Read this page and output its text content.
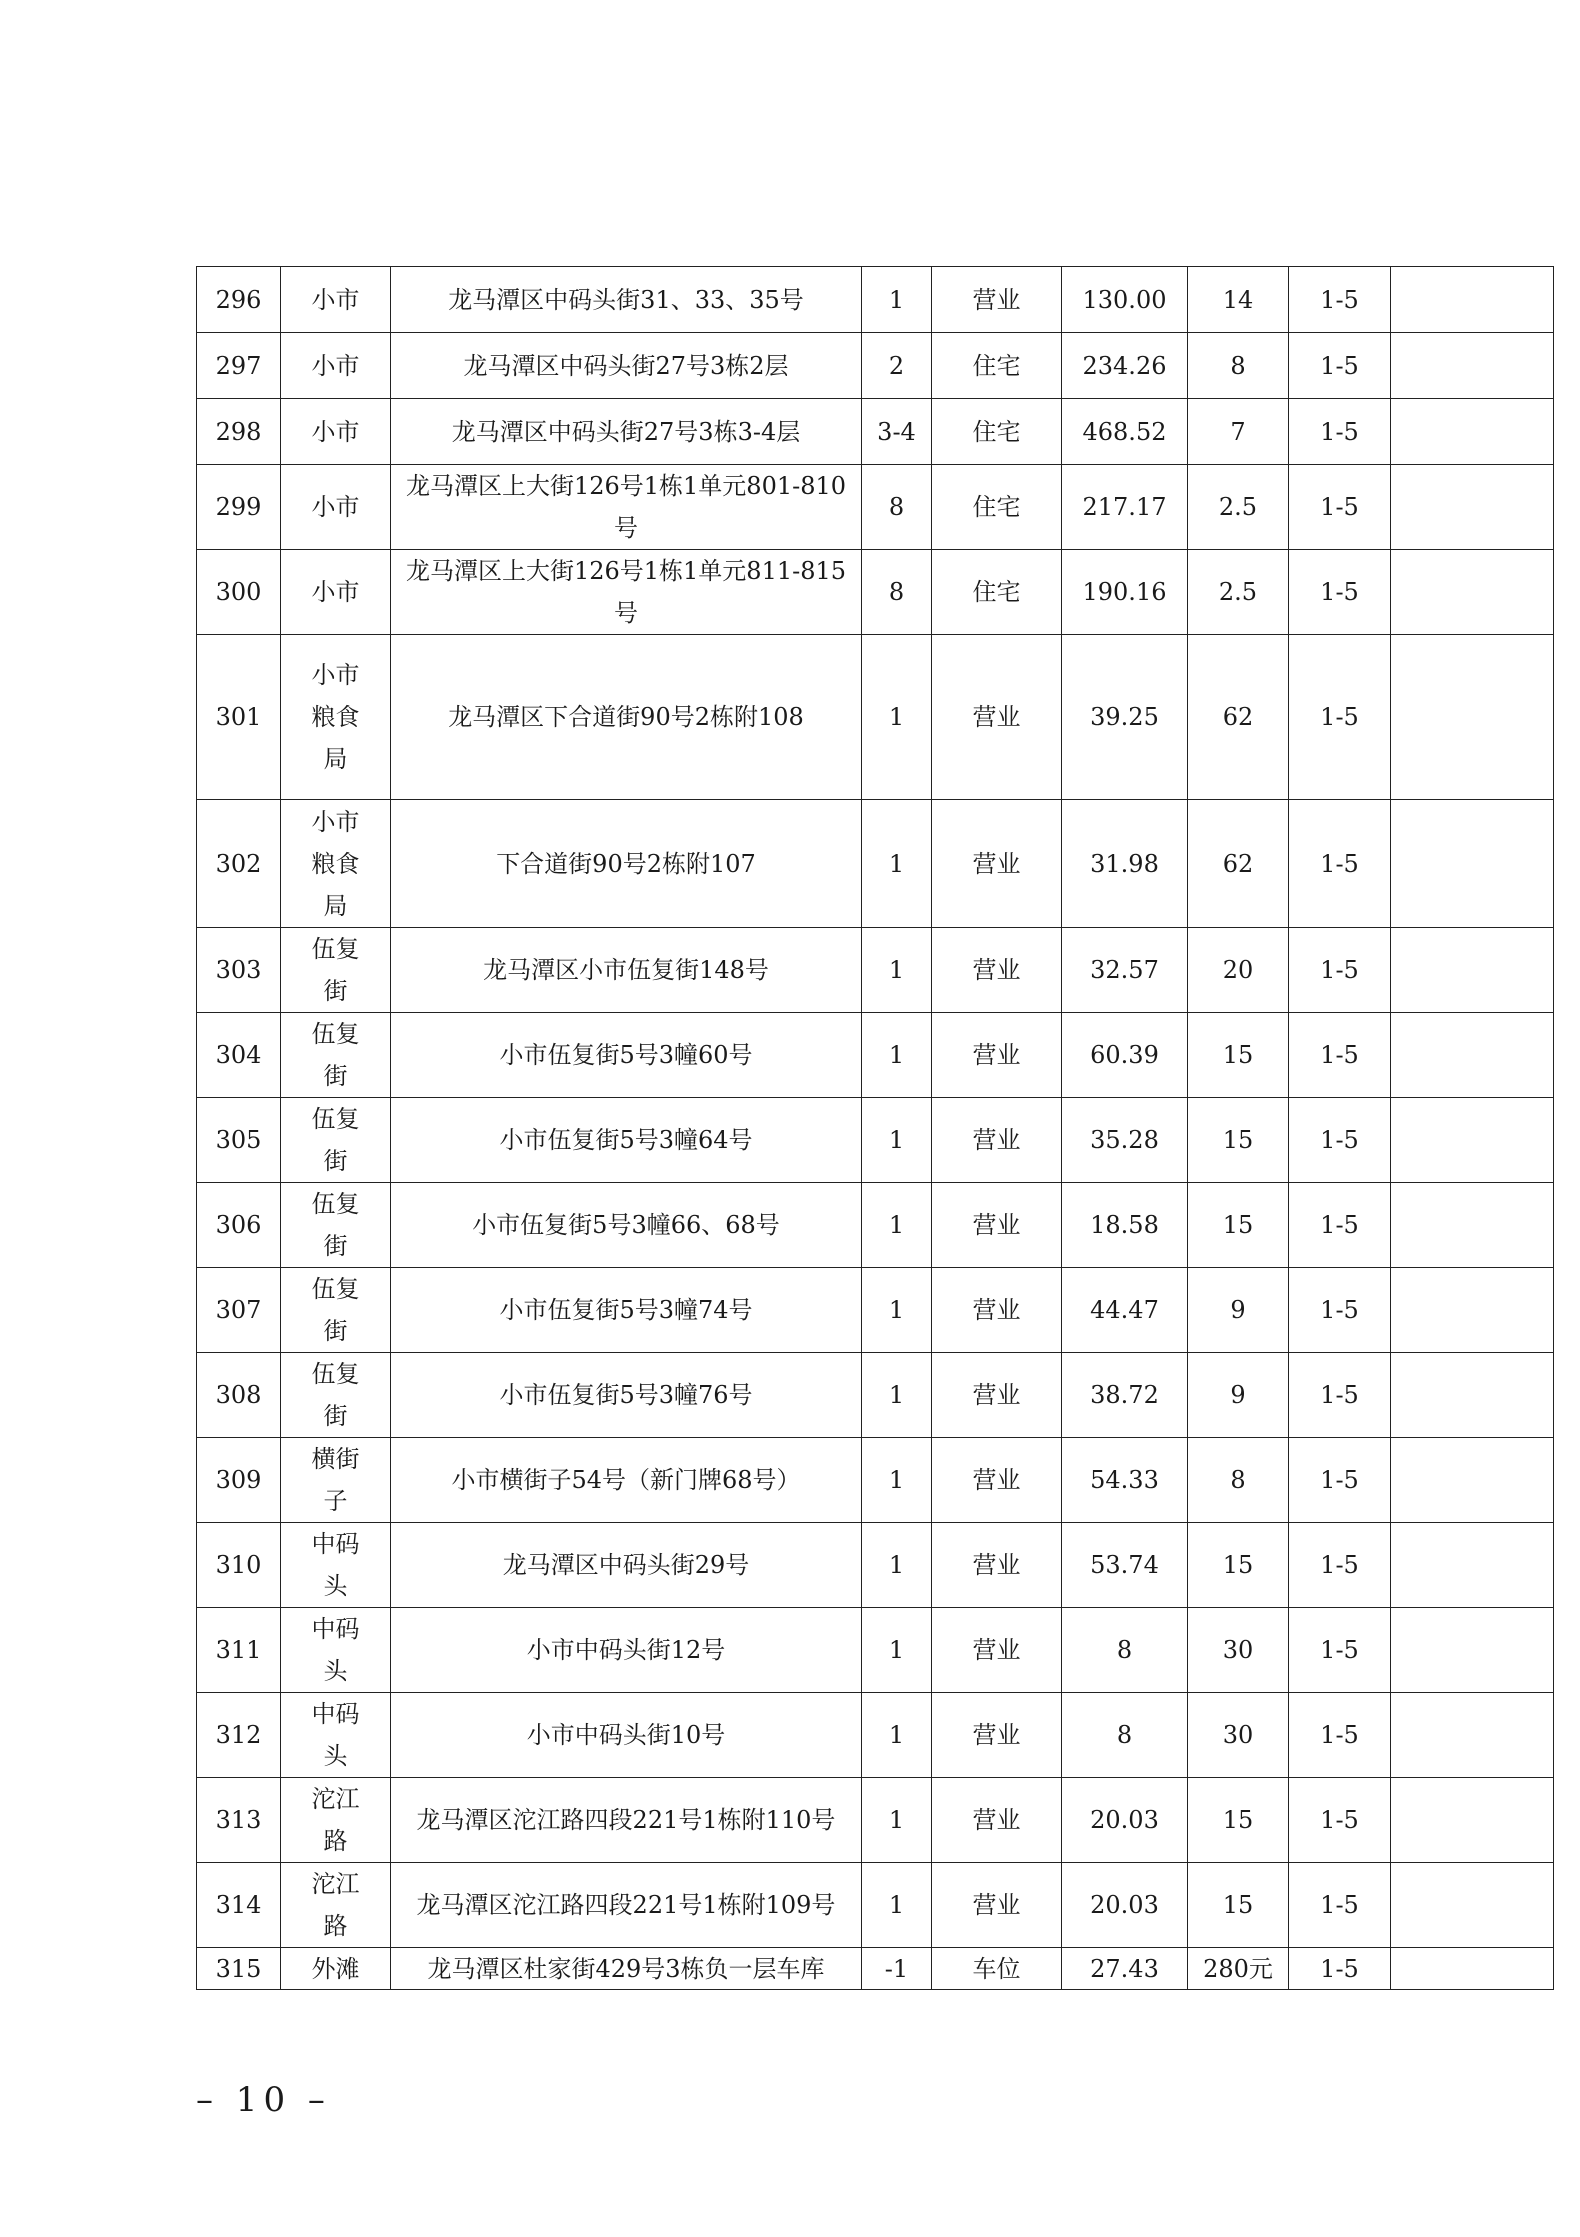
296	小市	龙马潭区中码头街31、33、35号	1	营业	130.00	14	1-5	
297	小市	龙马潭区中码头街27号3栋2层	2	住宅	234.26	8	1-5	
298	小市	龙马潭区中码头街27号3栋3-4层	3-4	住宅	468.52	7	1-5	
299	小市	龙马潭区上大街126号1栋1单元801-810号	8	住宅	217.17	2.5	1-5	
300	小市	龙马潭区上大街126号1栋1单元811-815号	8	住宅	190.16	2.5	1-5	
301	小市粮食局	龙马潭区下合道街90号2栋附108	1	营业	39.25	62	1-5	
302	小市粮食局	下合道街90号2栋附107	1	营业	31.98	62	1-5	
303	伍复街	龙马潭区小市伍复街148号	1	营业	32.57	20	1-5	
304	伍复街	小市伍复街5号3幢60号	1	营业	60.39	15	1-5	
305	伍复街	小市伍复街5号3幢64号	1	营业	35.28	15	1-5	
306	伍复街	小市伍复街5号3幢66、68号	1	营业	18.58	15	1-5	
307	伍复街	小市伍复街5号3幢74号	1	营业	44.47	9	1-5	
308	伍复街	小市伍复街5号3幢76号	1	营业	38.72	9	1-5	
309	横街子	小市横街子54号（新门牌68号）	1	营业	54.33	8	1-5	
310	中码头	龙马潭区中码头街29号	1	营业	53.74	15	1-5	
311	中码头	小市中码头街12号	1	营业	8	30	1-5	
312	中码头	小市中码头街10号	1	营业	8	30	1-5	
313	沱江路	龙马潭区沱江路四段221号1栋附110号	1	营业	20.03	15	1-5	
314	沱江路	龙马潭区沱江路四段221号1栋附109号	1	营业	20.03	15	1-5	
315	外滩	龙马潭区杜家街429号3栋负一层车库	-1	车位	27.43	280元	1-5	
– 10 –
